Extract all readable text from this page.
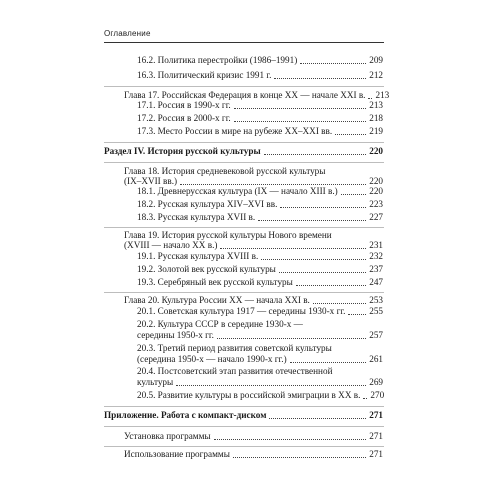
Оглавление
16.2. Политика перестройки (1986–1991)	209
16.3. Политический кризис 1991 г.	212
Глава 17. Российская Федерация в конце XX — начале XXI в. 213
17.1. Россия в 1990-х гг.	213
17.2. Россия в 2000-х гг.	218
17.3. Место России в мире на рубеже XX–XXI вв.	219
Раздел IV. История русской культуры	220
Глава 18. История средневековой русской культуры
(IX–XVII вв.)	220
18.1. Древнерусская культура (IX — начало XIII в.)	220
18.2. Русская культура XIV–XVI вв.	223
18.3. Русская культура XVII в.	227
Глава 19. История русской культуры Нового времени
(XVIII — начало XX в.)	231
19.1. Русская культура XVIII в.	232
19.2. Золотой век русской культуры	237
19.3. Серебряный век русской культуры	247
Глава 20. Культура России XX — начала XXI в.	253
20.1. Советская культура 1917 — середины 1930-х гг.	255
20.2. Культура СССР в середине 1930-х —
середины 1950-х гг.	257
20.3. Третий период развития советской культуры
(середина 1950-х — начало 1990-х гг.)	261
20.4. Постсоветский этап развития отечественной
культуры	269
20.5. Развитие культуры в российской эмиграции в XX в. 270
Приложение. Работа с компакт-диском	271
Установка программы	271
Использование программы	271
